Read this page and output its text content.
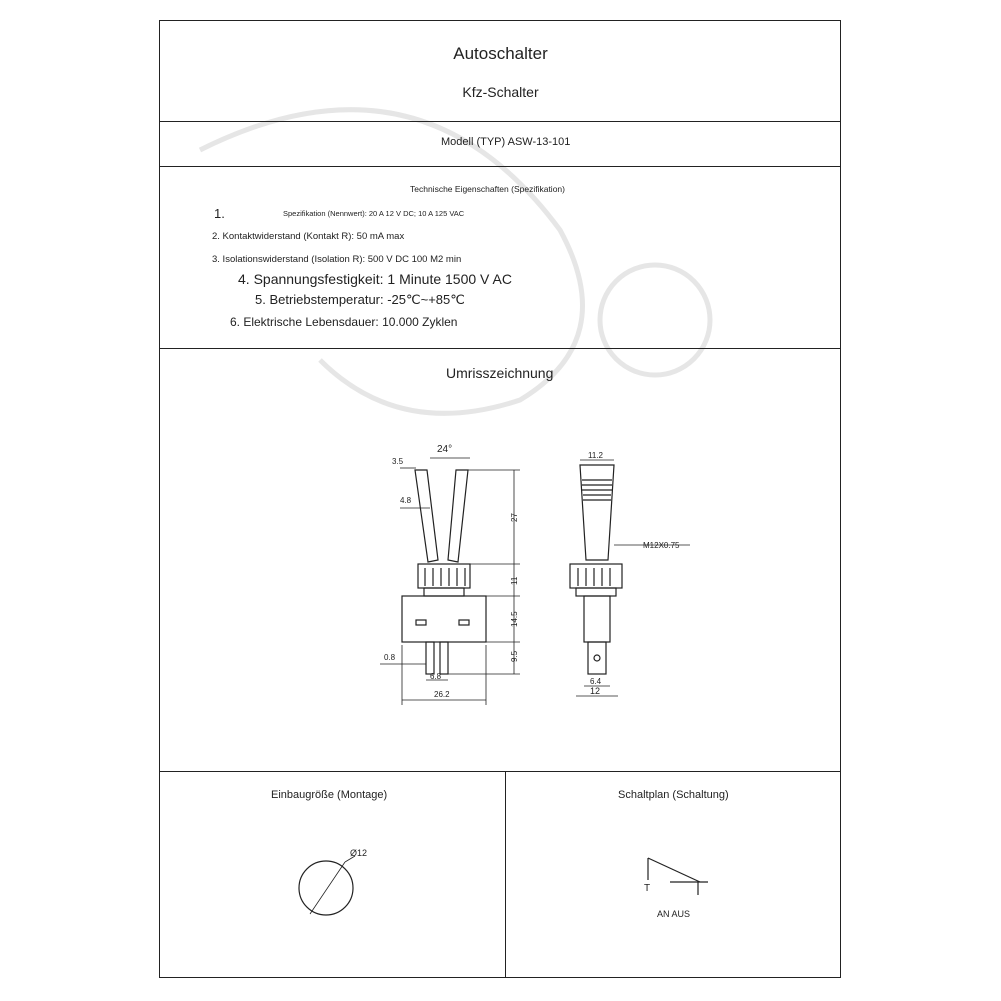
Autoschalter
Kfz-Schalter
Modell (TYP) ASW-13-101
Technische Eigenschaften (Spezifikation)
1.	Spezifikation (Nennwert): 20 A 12 V DC; 10 A 125 VAC
2. Kontaktwiderstand (Kontakt R): 50 mA max
3. Isolationswiderstand (Isolation R): 500 V DC 100 M2 min
4. Spannungsfestigkeit: 1 Minute 1500 V AC
5. Betriebstemperatur: -25℃~+85℃
6. Elektrische Lebensdauer: 10.000 Zyklen
Umrisszeichnung
24°
3.5
4.8
27
11
14.5
9.5
0.8
6.8
26.2
11.2
M12X0.75
6.4
12
Ø12
T
AN AUS
Einbaugröße (Montage)	Schaltplan (Schaltung)
